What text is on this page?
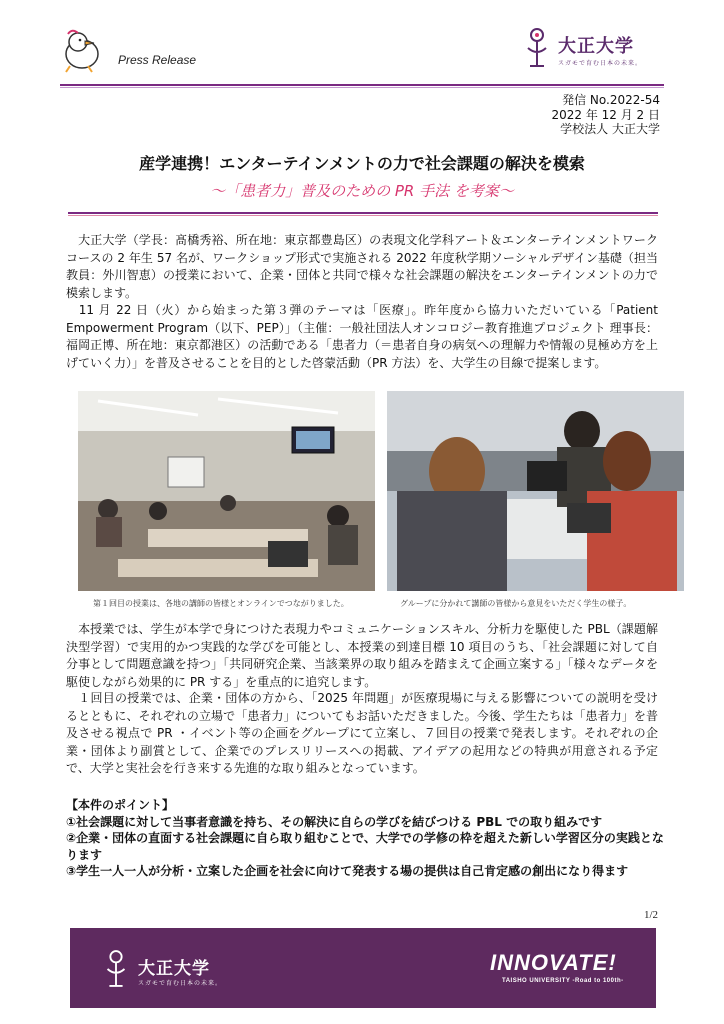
Press Release
大正大学
スガモで育む日本の未来。
発信 No.2022-54
2022 年 12 月 2 日
学校法人 大正大学
産学連携！エンターテインメントの力で社会課題の解決を模索
～「患者力」普及のための PR 手法 を考案～
　大正大学（学長：髙橋秀裕、所在地：東京都豊島区）の表現文化学科アート＆エンターテインメントワークコースの 2 年生 57 名が、ワークショップ形式で実施される 2022 年度秋学期ソーシャルデザイン基礎（担当教員：外川智恵）の授業において、企業・団体と共同で様々な社会課題の解決をエンターテインメントの力で模索します。
　11 月 22 日（火）から始まった第３弾のテーマは「医療」。昨年度から協力いただいている「Patient Empowerment Program（以下、PEP）」（主催：一般社団法人オンコロジー教育推進プロジェクト 理事長：福岡正博、所在地：東京都港区）の活動である「患者力（＝患者自身の病気への理解力や情報の見極め方を上げていく力）」を普及させることを目的とした啓蒙活動（PR 方法）を、大学生の目線で提案します。
第１回目の授業は、各地の講師の皆様とオンラインでつながりました。	グループに分かれて講師の皆様から意見をいただく学生の様子。
　本授業では、学生が本学で身につけた表現力やコミュニケーションスキル、分析力を駆使した PBL（課題解決型学習）で実用的かつ実践的な学びを可能とし、本授業の到達目標 10 項目のうち、「社会課題に対して自分事として問題意識を持つ」「共同研究企業、当該業界の取り組みを踏まえて企画立案する」「様々なデータを駆使しながら効果的に PR する」を重点的に追究します。
　１回目の授業では、企業・団体の方から、「2025 年問題」が医療現場に与える影響についての説明を受けるとともに、それぞれの立場で「患者力」についてもお話いただきました。今後、学生たちは「患者力」を普及させる視点で PR ・イベント等の企画をグループにて立案し、７回目の授業で発表します。それぞれの企業・団体より副賞として、企業でのプレスリリースへの掲載、アイデアの起用などの特典が用意される予定で、大学と実社会を行き来する先進的な取り組みとなっています。
【本件のポイント】
①社会課題に対して当事者意識を持ち、その解決に自らの学びを結びつける PBL での取り組みです
②企業・団体の直面する社会課題に自ら取り組むことで、大学での学修の枠を超えた新しい学習区分の実践となります
③学生一人一人が分析・立案した企画を社会に向けて発表する場の提供は自己肯定感の創出になり得ます
1/2
大正大学
スガモで育む日本の未来。
INNOVATE!
TAISHO UNIVERSITY -Road to 100th-
